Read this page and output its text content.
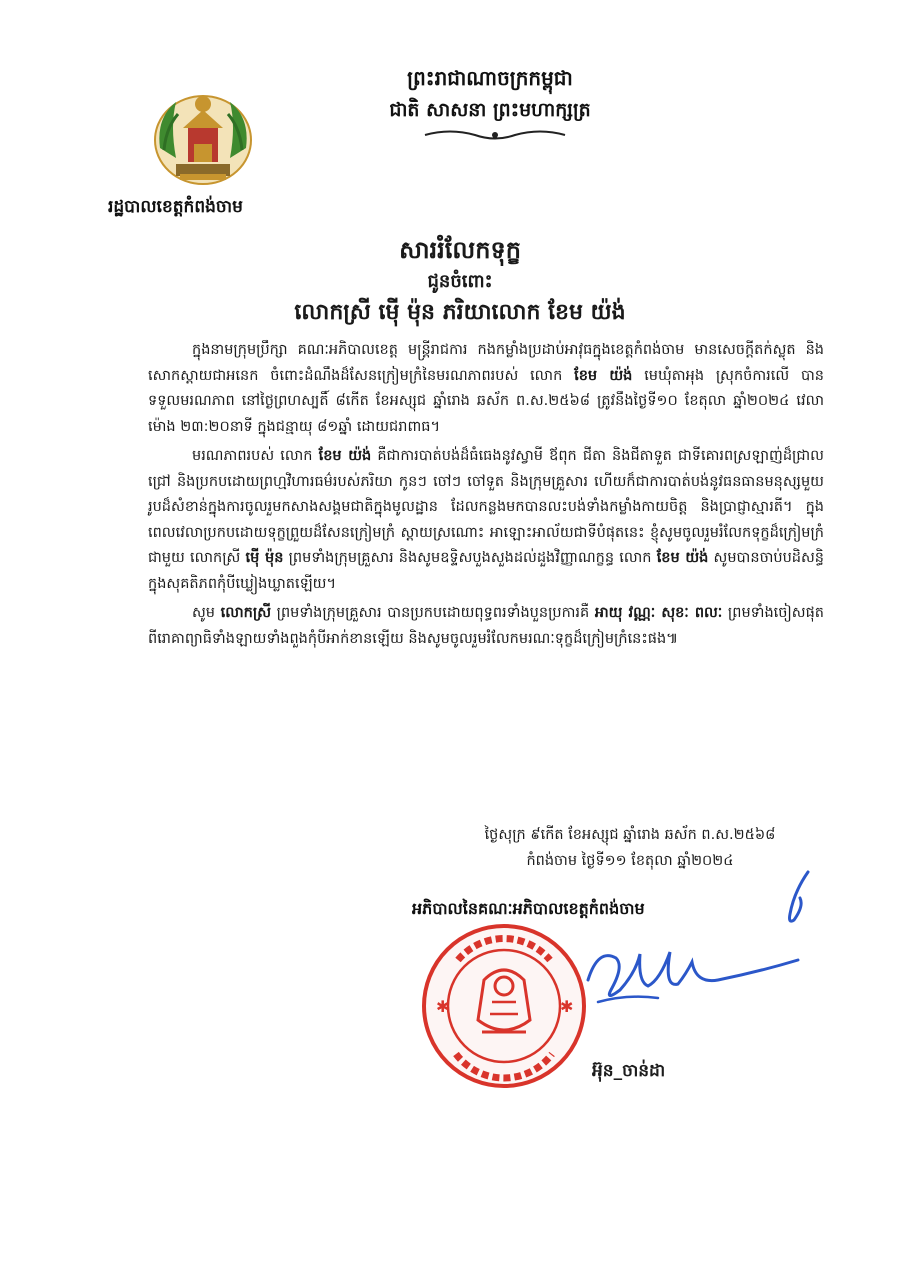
ព្រះរាជាណាចក្រកម្ពុជា
ជាតិ សាសនា ព្រះមហាក្សត្រ
រដ្ឋបាលខេត្តកំពង់ចាម
សាររំលែកទុក្ខ
ជូនចំពោះ
លោកស្រី ម៉ើ ម៉ុន ភរិយាលោក ខែម យ៉ង់

ក្នុងនាមក្រុមប្រឹក្សា គណៈអភិបាលខេត្ត មន្ត្រីរាជការ កងកម្លាំងប្រដាប់អាវុធក្នុងខេត្តកំពង់ចាម មានសេចក្តីតក់ស្លុត និងសោកស្តាយជាអនេក ចំពោះដំណឹងដ៏សែនក្រៀមក្រំនៃមរណភាពរបស់ លោក ខែម យ៉ង់ មេឃុំតាអុង ស្រុកចំការលើ បានទទួលមរណភាព នៅថ្ងៃព្រហស្បតិ៍ ៨កើត ខែអស្សុជ ឆ្នាំរោង ឆស័ក ព.ស.២៥៦៨ ត្រូវនឹងថ្ងៃទី១០ ខែតុលា ឆ្នាំ២០២៤ វេលាម៉ោង ២៣:២០នាទី ក្នុងជន្មាយុ ៨១ឆ្នាំ ដោយជរាពាធ។

មរណភាពរបស់ លោក ខែម យ៉ង់ គឺជាការបាត់បង់ដ៏ធំធេងនូវស្វាមី ឪពុក ជីតា និងជីតាទួត ជាទីគោរពស្រឡាញ់ដ៏ជ្រាលជ្រៅ និងប្រកបដោយព្រហ្មវិហារធម៌របស់ភរិយា កូនៗ ចៅៗ ចៅទួត និងក្រុមគ្រួសារ ហើយក៏ជាការបាត់បង់នូវធនធានមនុស្សមួយរូបដ៏សំខាន់ក្នុងការចូលរួមកសាងសង្គមជាតិក្នុងមូលដ្ឋាន ដែលកន្លងមកបានលះបង់ទាំងកម្លាំងកាយចិត្ត និងប្រាជ្ញាស្មារតី។ ក្នុងពេលវេលាប្រកបដោយទុក្ខព្រួយដ៏សែនក្រៀមក្រំ ស្តាយស្រណោះ អាឡោះអាល័យជាទីបំផុតនេះ ខ្ញុំសូមចូលរួមរំលែកទុក្ខដ៏ក្រៀមក្រំជាមួយ លោកស្រី ម៉ើ ម៉ុន ព្រមទាំងក្រុមគ្រួសារ និងសូមឧទ្ទិសបួងសួងដល់ដួងវិញ្ញាណក្ខន្ធ លោក ខែម យ៉ង់ សូមបានចាប់បដិសន្ធិក្នុងសុគតិភពកុំបីឃ្លៀងឃ្លាតឡើយ។

សូម លោកស្រី ព្រមទាំងក្រុមគ្រួសារ បានប្រកបដោយពុទ្ធពរទាំងបួនប្រការគឺ អាយុ វណ្ណៈ សុខៈ ពលៈ ព្រមទាំងចៀសផុតពីរោគាព្យាធិទាំងឡាយទាំងពួងកុំបីអាក់ខានឡើយ និងសូមចូលរួមរំលែកមរណៈទុក្ខដ៏ក្រៀមក្រំនេះផង៕

ថ្ងៃសុក្រ ៩កើត ខែអស្សុជ ឆ្នាំរោង ឆស័ក ព.ស.២៥៦៨
កំពង់ចាម ថ្ងៃទី១១ ខែតុលា ឆ្នាំ២០២៤
✱	✱
អភិបាលនៃគណៈអភិបាលខេត្តកំពង់ចាម
អ៊ុន_ចាន់ដា
